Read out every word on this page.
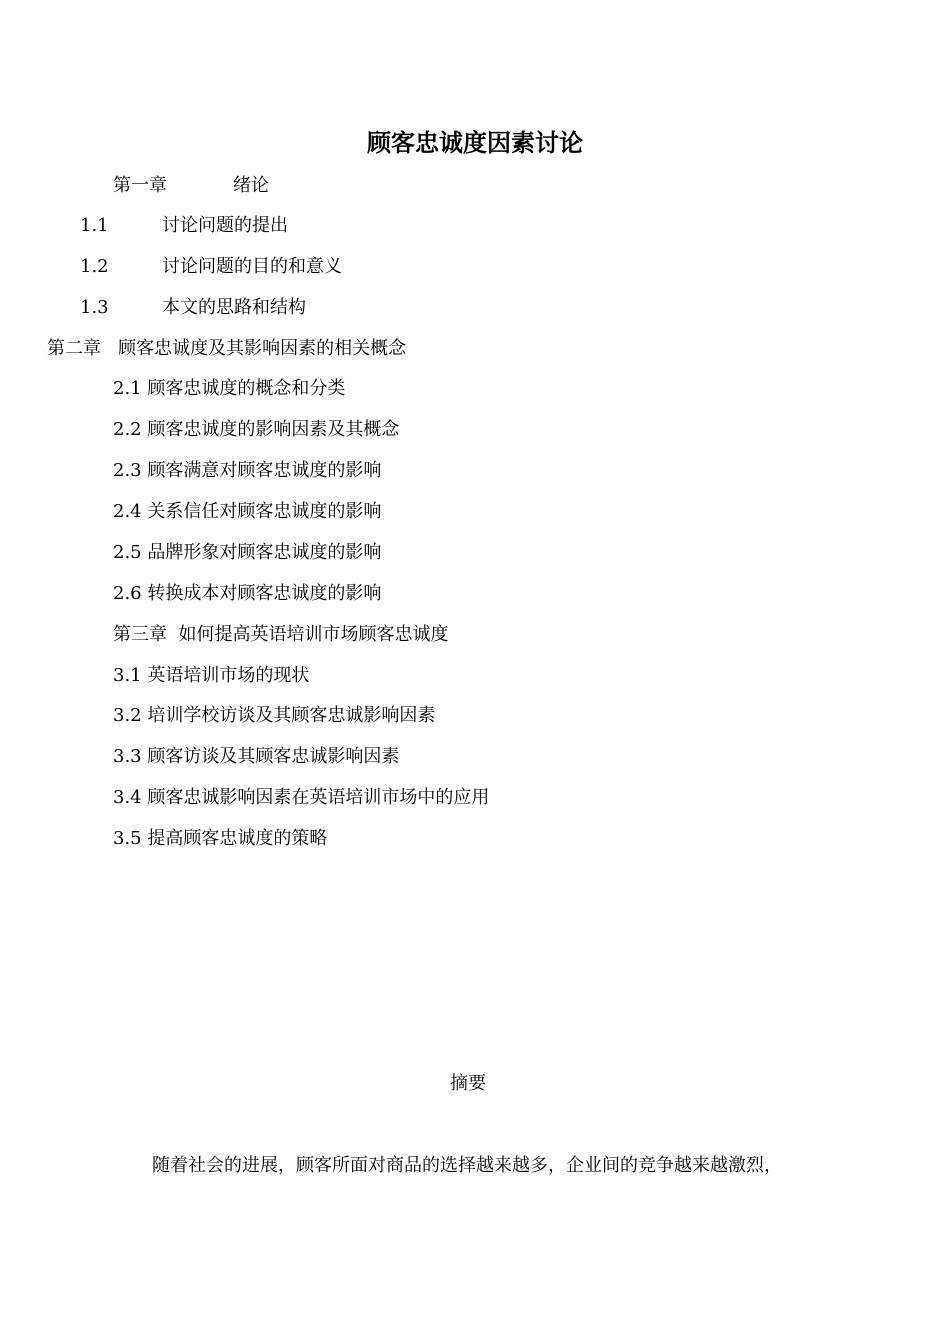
顾客忠诚度因素讨论
第一章	绪论
1.1	讨论问题的提出
1.2	讨论问题的目的和意义
1.3	本文的思路和结构
第二章   顾客忠诚度及其影响因素的相关概念
2.1 顾客忠诚度的概念和分类
2.2 顾客忠诚度的影响因素及其概念
2.3 顾客满意对顾客忠诚度的影响
2.4 关系信任对顾客忠诚度的影响
2.5 品牌形象对顾客忠诚度的影响
2.6 转换成本对顾客忠诚度的影响
第三章  如何提高英语培训市场顾客忠诚度
3.1 英语培训市场的现状
3.2 培训学校访谈及其顾客忠诚影响因素
3.3 顾客访谈及其顾客忠诚影响因素
3.4 顾客忠诚影响因素在英语培训市场中的应用
3.5 提高顾客忠诚度的策略
摘要

随着社会的进展，顾客所面对商品的选择越来越多，企业间的竞争越来越激烈，
